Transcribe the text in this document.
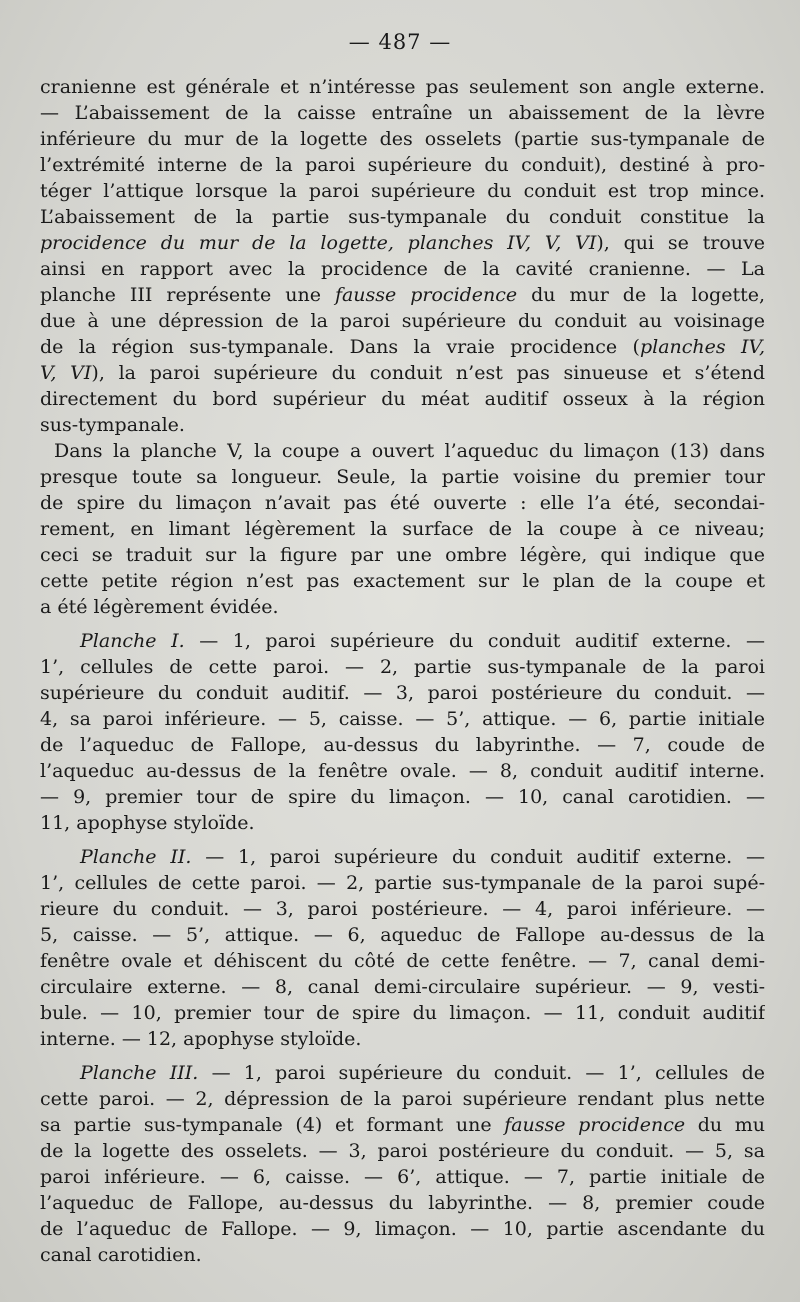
— 487 —
cranienne est générale et n’intéresse pas seulement son angle externe.
— L’abaissement de la caisse entraîne un abaissement de la lèvre
inférieure du mur de la logette des osselets (partie sus-tympanale de
l’extrémité interne de la paroi supérieure du conduit), destiné à pro-
téger l’attique lorsque la paroi supérieure du conduit est trop mince.
L’abaissement de la partie sus-tympanale du conduit constitue la
procidence du mur de la logette, planches IV, V, VI), qui se trouve
ainsi en rapport avec la procidence de la cavité cranienne. — La
planche III représente une fausse procidence du mur de la logette,
due à une dépression de la paroi supérieure du conduit au voisinage
de la région sus-tympanale. Dans la vraie procidence (planches IV,
V, VI), la paroi supérieure du conduit n’est pas sinueuse et s’étend
directement du bord supérieur du méat auditif osseux à la région
sus-tympanale.
Dans la planche V, la coupe a ouvert l’aqueduc du limaçon (13) dans
presque toute sa longueur. Seule, la partie voisine du premier tour
de spire du limaçon n’avait pas été ouverte : elle l’a été, secondai-
rement, en limant légèrement la surface de la coupe à ce niveau;
ceci se traduit sur la figure par une ombre légère, qui indique que
cette petite région n’est pas exactement sur le plan de la coupe et
a été légèrement évidée.
Planche I. — 1, paroi supérieure du conduit auditif externe. —
1’, cellules de cette paroi. — 2, partie sus-tympanale de la paroi
supérieure du conduit auditif. — 3, paroi postérieure du conduit. —
4, sa paroi inférieure. — 5, caisse. — 5’, attique. — 6, partie initiale
de l’aqueduc de Fallope, au-dessus du labyrinthe. — 7, coude de
l’aqueduc au-dessus de la fenêtre ovale. — 8, conduit auditif interne.
— 9, premier tour de spire du limaçon. — 10, canal carotidien. —
11, apophyse styloïde.
Planche II. — 1, paroi supérieure du conduit auditif externe. —
1’, cellules de cette paroi. — 2, partie sus-tympanale de la paroi supé-
rieure du conduit. — 3, paroi postérieure. — 4, paroi inférieure. —
5, caisse. — 5’, attique. — 6, aqueduc de Fallope au-dessus de la
fenêtre ovale et déhiscent du côté de cette fenêtre. — 7, canal demi-
circulaire externe. — 8, canal demi-circulaire supérieur. — 9, vesti-
bule. — 10, premier tour de spire du limaçon. — 11, conduit auditif
interne. — 12, apophyse styloïde.
Planche III. — 1, paroi supérieure du conduit. — 1’, cellules de
cette paroi. — 2, dépression de la paroi supérieure rendant plus nette
sa partie sus-tympanale (4) et formant une fausse procidence du mu
de la logette des osselets. — 3, paroi postérieure du conduit. — 5, sa
paroi inférieure. — 6, caisse. — 6’, attique. — 7, partie initiale de
l’aqueduc de Fallope, au-dessus du labyrinthe. — 8, premier coude
de l’aqueduc de Fallope. — 9, limaçon. — 10, partie ascendante du
canal carotidien.
